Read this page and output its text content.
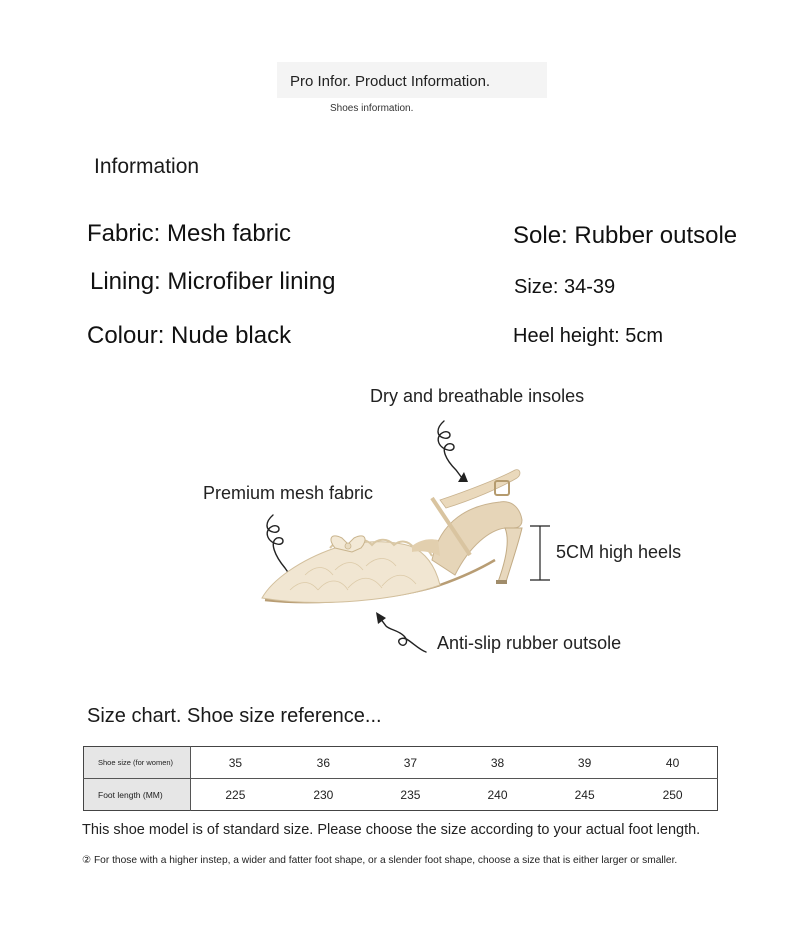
Pro Infor. Product Information.
Shoes information.
Information
Fabric: Mesh fabric
Lining: Microfiber lining
Colour: Nude black
Sole: Rubber outsole
Size: 34-39
Heel height: 5cm
Dry and breathable insoles
Premium mesh fabric
5CM high heels
Anti-slip rubber outsole
Size chart. Shoe size reference...
Shoe size (for women)	35	36	37	38	39	40
Foot length (MM)	225	230	235	240	245	250
This shoe model is of standard size. Please choose the size according to your actual foot length.
② For those with a higher instep, a wider and fatter foot shape, or a slender foot shape, choose a size that is either larger or smaller.
